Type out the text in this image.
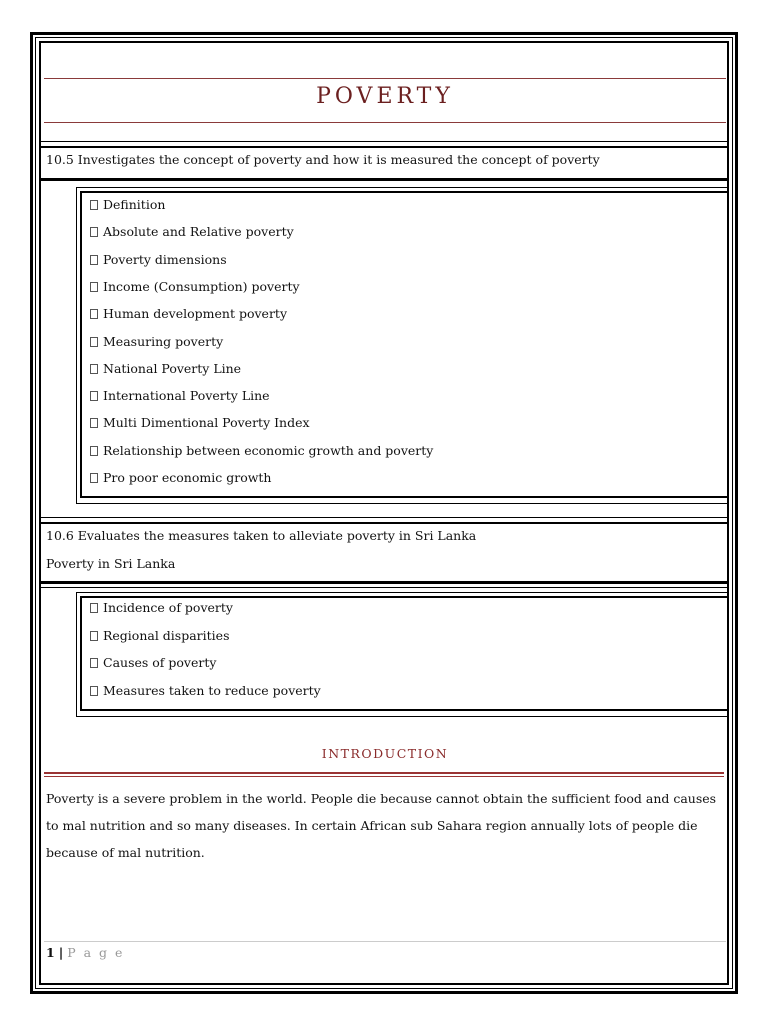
POVERTY
10.5 Investigates the concept of poverty and how it is measured the concept of poverty
Definition
Absolute and Relative poverty
Poverty dimensions
Income (Consumption) poverty
Human development poverty
Measuring poverty
National Poverty Line
International Poverty Line
Multi Dimentional Poverty Index
Relationship between economic growth and poverty
Pro poor economic growth
10.6 Evaluates the measures taken to alleviate poverty in Sri Lanka
Poverty in Sri Lanka
Incidence of poverty
Regional disparities
Causes of poverty
Measures taken to reduce poverty
INTRODUCTION
Poverty is a severe problem in the world. People die because cannot obtain the sufficient food and causes
to mal nutrition and so many diseases. In certain African sub Sahara region annually lots of people die
because of mal nutrition.
1 | P a g e
